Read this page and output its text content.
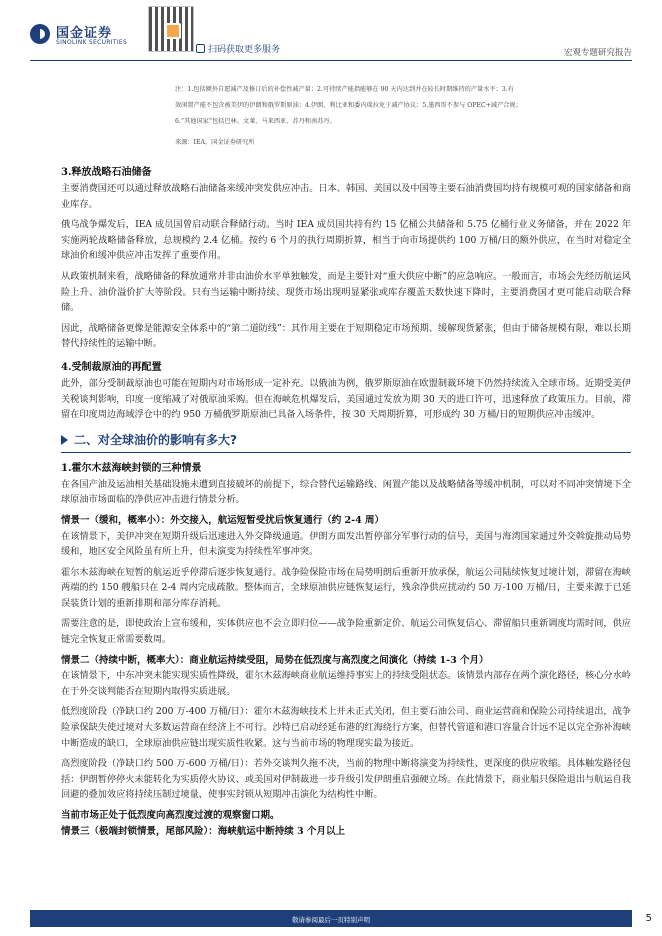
国金证券
SINOLINK SECURITIES
扫码获取更多服务	宏观专题研究报告
注：1.包括额外自愿减产及修订后的补偿性减产量；2.可持续产能指能够在 90 天内达到并在较长时期维持的产量水平；3.有
效闲置产能不包含被美伊的伊朗和俄罗斯原油；4.伊朗、利比亚和委内瑞拉免于减产协议；5.墨西哥不参与 OPEC+减产合规；
6.“其他国家”包括巴林、文莱、马来西亚、苏丹和南苏丹。
来源：IEA，国金证券研究所

3.释放战略石油储备

主要消费国还可以通过释放战略石油储备来缓冲突发供应冲击。日本、韩国、美国以及中国等主要石油消费国均持有规模可观的国家储备和商业库存。

俄乌战争爆发后，IEA 成员国曾启动联合释储行动。当时 IEA 成员国共持有约 15 亿桶公共储备和 5.75 亿桶行业义务储备，并在 2022 年实施两轮战略储备释放，总规模约 2.4 亿桶。按约 6 个月的执行周期折算，相当于向市场提供约 100 万桶/日的额外供应，在当时对稳定全球油价和缓冲供应冲击发挥了重要作用。

从政策机制来看，战略储备的释放通常并非由油价水平单独触发，而是主要针对“重大供应中断”的应急响应。一般而言，市场会先经历航运风险上升、油价溢价扩大等阶段。只有当运输中断持续、现货市场出现明显紧张或库存覆盖天数快速下降时，主要消费国才更可能启动联合释储。

因此，战略储备更像是能源安全体系中的“第二道防线”：其作用主要在于短期稳定市场预期、缓解现货紧张，但由于储备规模有限，难以长期替代持续性的运输中断。

4.受制裁原油的再配置

此外，部分受制裁原油也可能在短期内对市场形成一定补充。以俄油为例，俄罗斯原油在欧盟制裁环境下仍然持续流入全球市场。近期受美伊关税谈判影响，印度一度缩减了对俄原油采购。但在海峡危机爆发后，美国通过发放为期 30 天的进口许可，迅速释放了政策压力。目前，滞留在印度周边海域浮仓中的约 950 万桶俄罗斯原油已具备入场条件，按 30 天周期折算，可形成约 30 万桶/日的短期供应冲击缓冲。

二、对全球油价的影响有多大?

1.霍尔木兹海峡封锁的三种情景

在各国产油及运油相关基础设施未遭到直接破坏的前提下，综合替代运输路线、闲置产能以及战略储备等缓冲机制，可以对不同冲突情境下全球原油市场面临的净供应冲击进行情景分析。

情景一（缓和，概率小）：外交接入，航运短暂受扰后恢复通行（约 2-4 周）

在该情景下，美伊冲突在短期升级后迅速进入外交降级通道。伊朗方面发出暂停部分军事行动的信号，美国与海湾国家通过外交斡旋推动局势缓和，地区安全风险虽有所上升，但未演变为持续性军事冲突。

霍尔木兹海峡在短暂的航运近乎停滞后逐步恢复通行。战争险保险市场在局势明朗后重新开放承保，航运公司陆续恢复过境计划，滞留在海峡两端的约 150 艘船只在 2-4 周内完成疏散。整体而言，全球原油供应链恢复运行，残余净供应扰动约 50 万-100 万桶/日，主要来源于已延误装货计划的重新排期和部分库存消耗。

需要注意的是，即使政治上宣布缓和，实体供应也不会立即归位——战争险重新定价、航运公司恢复信心、滞留船只重新调度均需时间，供应链完全恢复正常需要数周。

情景二（持续中断，概率大）：商业航运持续受阻，局势在低烈度与高烈度之间演化（持续 1-3 个月）

在该情景下，中东冲突未能实现实质性降级，霍尔木兹海峡商业航运维持事实上的持续受阻状态。该情景内部存在两个演化路径，核心分水岭在于外交谈判能否在短期内取得实质进展。

低烈度阶段（净缺口约 200 万-400 万桶/日）：霍尔木兹海峡技术上并未正式关闭，但主要石油公司、商业运营商和保险公司持续退出，战争险承保缺失使过境对大多数运营商在经济上不可行。沙特已启动经延布港的红海绕行方案，但替代管道和港口容量合计远不足以完全弥补海峡中断造成的缺口，全球原油供应链出现实质性收紧。这与当前市场的物理现实最为接近。

高烈度阶段（净缺口约 500 万-600 万桶/日）：若外交谈判久拖不决，当前的物理中断将演变为持续性、更深度的供应收缩。具体触发路径包括：伊朗暂停停火未能转化为实质停火协议、或美国对伊制裁进一步升级引发伊朗重启强硬立场。在此情景下，商业船只保险退出与航运自我回避的叠加效应将持续压制过境量，使事实封锁从短期冲击演化为结构性中断。

当前市场正处于低烈度向高烈度过渡的观察窗口期。

情景三（极端封锁情景，尾部风险）：海峡航运中断持续 3 个月以上

敬请参阅最后一页特别声明	5
